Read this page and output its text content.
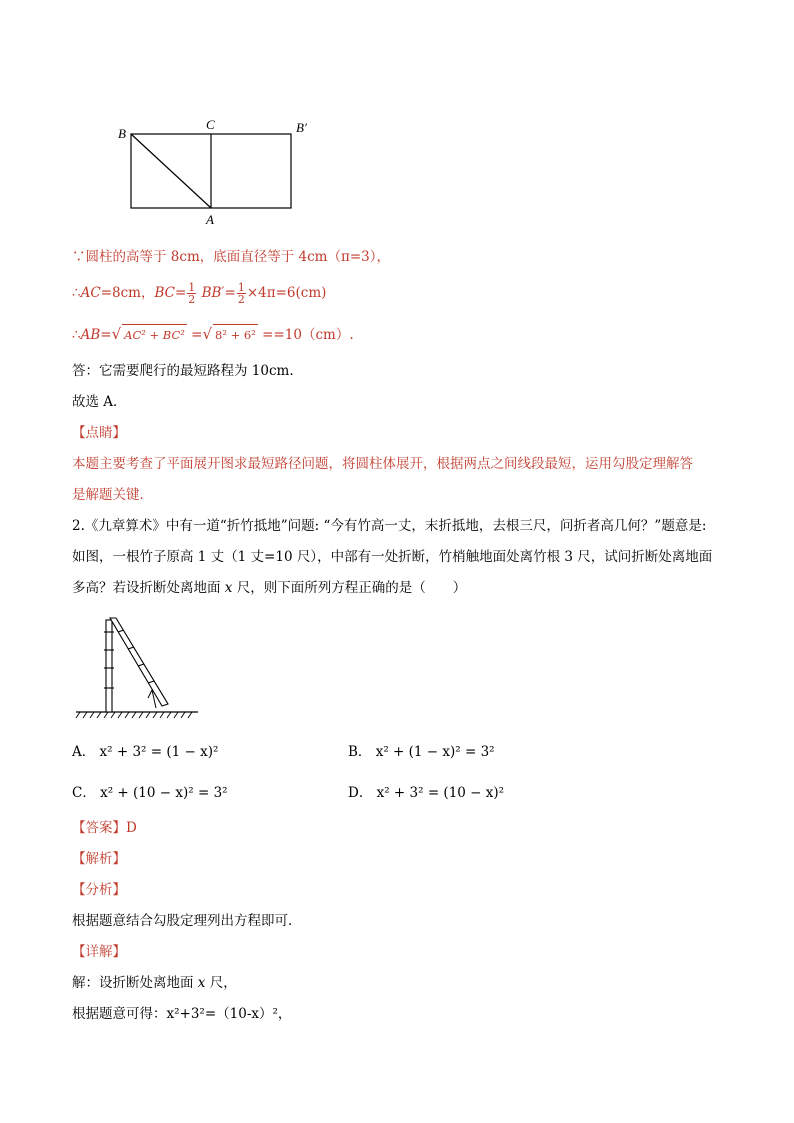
B
C	B′
A
∵圆柱的高等于 8cm，底面直径等于 4cm（π=3），
∴AC=8cm，$BC= \frac{1}{2} BB'= \frac{1}{2} \times 4\pi=6(cm)$
∴AB=√ AC² + BC² =√ 8² + 6² ==10（cm）.
答：它需要爬行的最短路程为 10cm.
故选 A．
【点睛】
本题主要考查了平面展开图求最短路径问题，将圆柱体展开，根据两点之间线段最短，运用勾股定理解答
是解题关键．
2.《九章算术》中有一道“折竹抵地”问题: “今有竹高一丈，末折抵地，去根三尺，问折者高几何？”题意是:
如图，一根竹子原高 1 丈（1 丈=10 尺），中部有一处折断，竹梢触地面处离竹根 3 尺，试问折断处离地面
多高？若设折断处离地面 x 尺，则下面所列方程正确的是（　　）
A． x² + 3² = (1 − x)²	B． x² + (1 − x)² = 3²
C． x² + (10 − x)² = 3²	D． x² + 3² = (10 − x)²
【答案】D
【解析】
【分析】
根据题意结合勾股定理列出方程即可．
【详解】
解：设折断处离地面 x 尺，
根据题意可得：x²+3²=（10-x）²，
